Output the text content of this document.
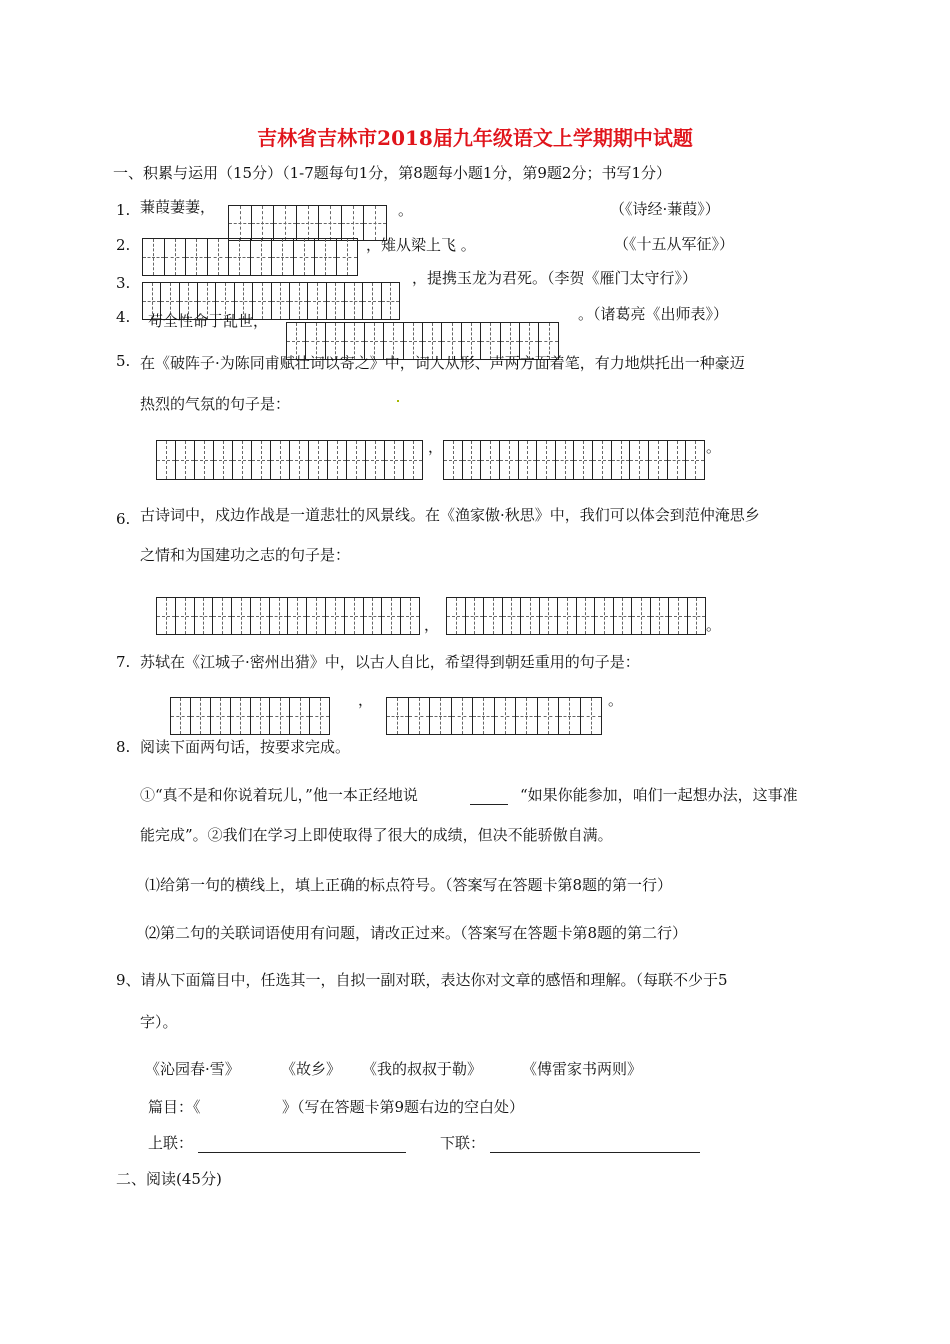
吉林省吉林市2018届九年级语文上学期期中试题
一、积累与运用（15分）（1-7题每句1分，第8题每小题1分，第9题2分；书写1分）
1. 蒹葭萋萋，	。	（《诗经·蒹葭》）
2.	，雉从梁上飞 。	（《十五从军征》）
3.	，提携玉龙为君死。（李贺《雁门太守行》）
4. 苟全性命于乱世，	。（诸葛亮《出师表》）
5. 在《破阵子·为陈同甫赋壮词以寄之》中，词人从形、声两方面着笔，有力地烘托出一种豪迈
热烈的气氛的句子是：
，	。
6. 古诗词中，戍边作战是一道悲壮的风景线。在《渔家傲·秋思》中，我们可以体会到范仲淹思乡
之情和为国建功之志的句子是：
，	。
7. 苏轼在《江城子·密州出猎》中，以古人自比，希望得到朝廷重用的句子是：
，	。
8. 阅读下面两句话，按要求完成。
①“真不是和你说着玩儿，”他一本正经地说	“如果你能参加，咱们一起想办法，这事准
能完成”。②我们在学习上即使取得了很大的成绩，但决不能骄傲自满。
⑴给第一句的横线上，填上正确的标点符号。（答案写在答题卡第8题的第一行）
⑵第二句的关联词语使用有问题，请改正过来。（答案写在答题卡第8题的第二行）
9、请从下面篇目中，任选其一，自拟一副对联，表达你对文章的感悟和理解。（每联不少于5
字）。
《沁园春·雪》	《故乡》 《我的叔叔于勒》	《傅雷家书两则》
篇目：《	》（写在答题卡第9题右边的空白处）
上联：	下联：
二、阅读(45分)
